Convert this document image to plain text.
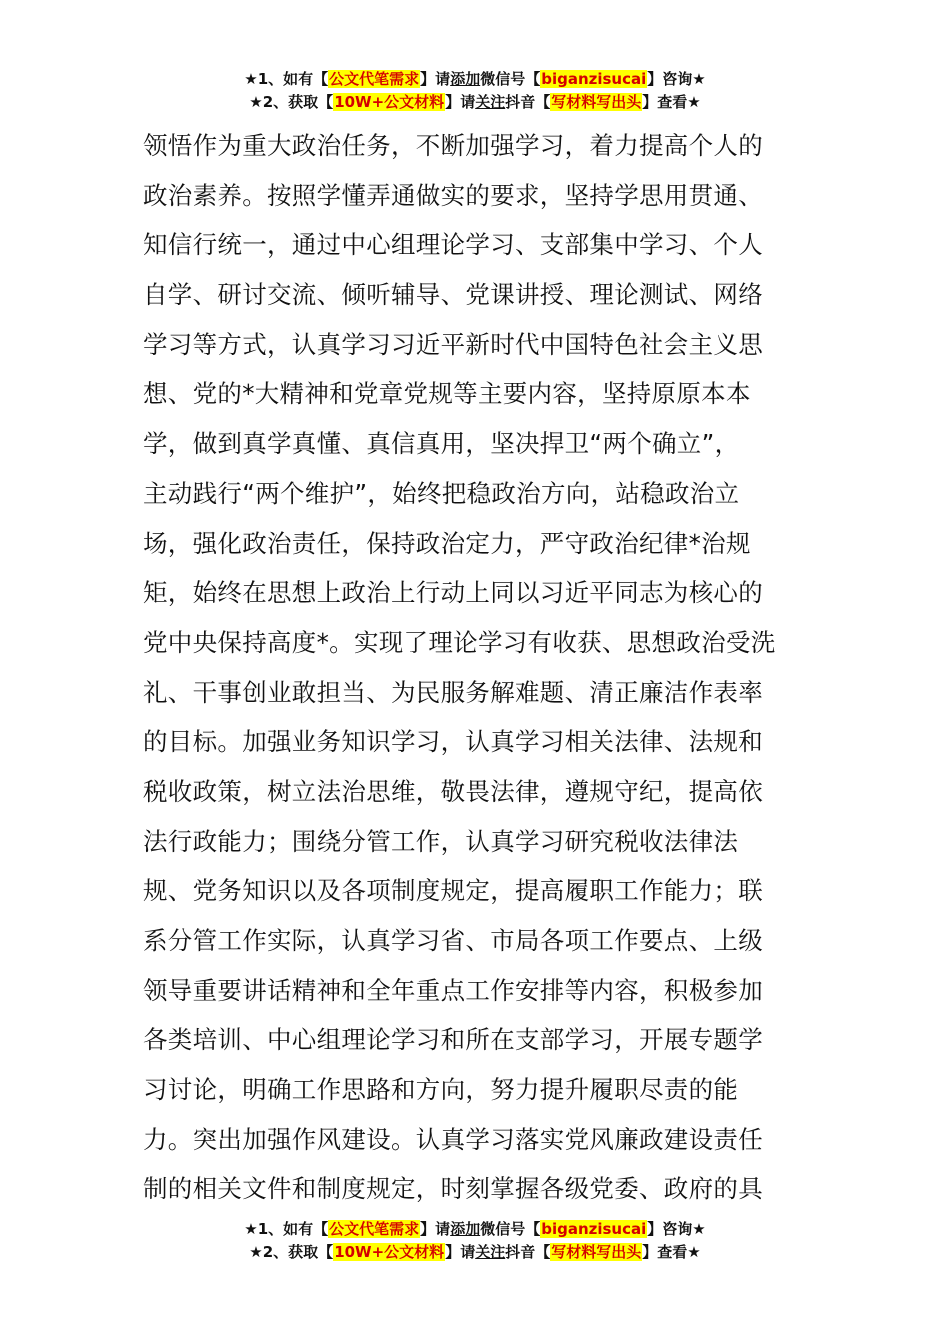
★1、如有【公文代笔需求】请添加微信号【biganzisucai】咨询★
★2、获取【10W+公文材料】请关注抖音【写材料写出头】查看★
领悟作为重大政治任务，不断加强学习，着力提高个人的
政治素养。按照学懂弄通做实的要求，坚持学思用贯通、
知信行统一，通过中心组理论学习、支部集中学习、个人
自学、研讨交流、倾听辅导、党课讲授、理论测试、网络
学习等方式，认真学习习近平新时代中国特色社会主义思
想、党的*大精神和党章党规等主要内容，坚持原原本本
学，做到真学真懂、真信真用，坚决捍卫“两个确立”，
主动践行“两个维护”，始终把稳政治方向，站稳政治立
场，强化政治责任，保持政治定力，严守政治纪律*治规
矩，始终在思想上政治上行动上同以习近平同志为核心的
党中央保持高度*。实现了理论学习有收获、思想政治受洗
礼、干事创业敢担当、为民服务解难题、清正廉洁作表率
的目标。加强业务知识学习，认真学习相关法律、法规和
税收政策，树立法治思维，敬畏法律，遵规守纪，提高依
法行政能力；围绕分管工作，认真学习研究税收法律法
规、党务知识以及各项制度规定，提高履职工作能力；联
系分管工作实际，认真学习省、市局各项工作要点、上级
领导重要讲话精神和全年重点工作安排等内容，积极参加
各类培训、中心组理论学习和所在支部学习，开展专题学
习讨论，明确工作思路和方向，努力提升履职尽责的能
力。突出加强作风建设。认真学习落实党风廉政建设责任
制的相关文件和制度规定，时刻掌握各级党委、政府的具
★1、如有【公文代笔需求】请添加微信号【biganzisucai】咨询★
★2、获取【10W+公文材料】请关注抖音【写材料写出头】查看★
